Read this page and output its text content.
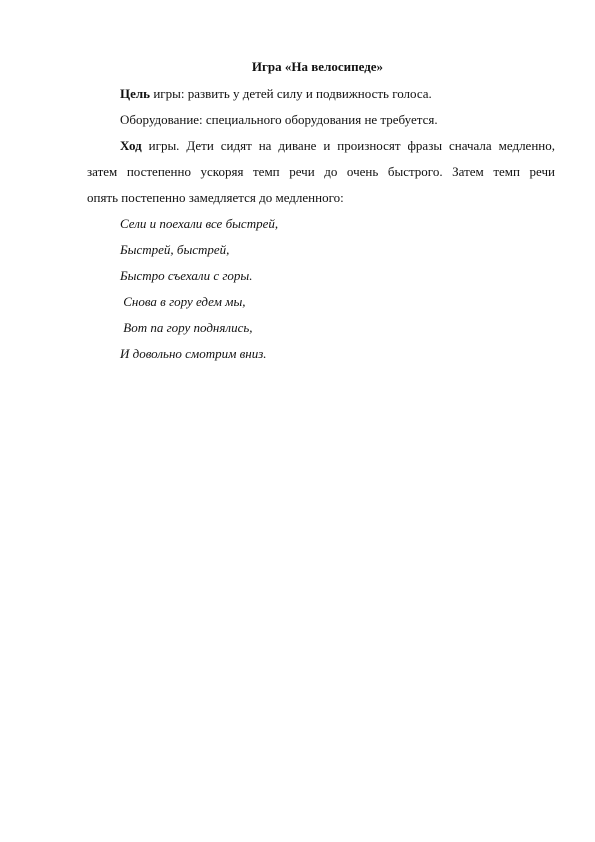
Игра «На велосипеде»
Цель игры: развить у детей силу и подвижность голоса.
Оборудование: специального оборудования не требуется.
Ход игры. Дети сидят на диване и произносят фразы сначала медленно,
затем постепенно ускоряя темп речи до очень быстрого. Затем темп речи
опять постепенно замедляется до медленного:
Сели и поехали все быстрей,
Быстрей, быстрей,
Быстро съехали с горы.
Снова в гору едем мы,
Вот па гору поднялись,
И довольно смотрим вниз.
